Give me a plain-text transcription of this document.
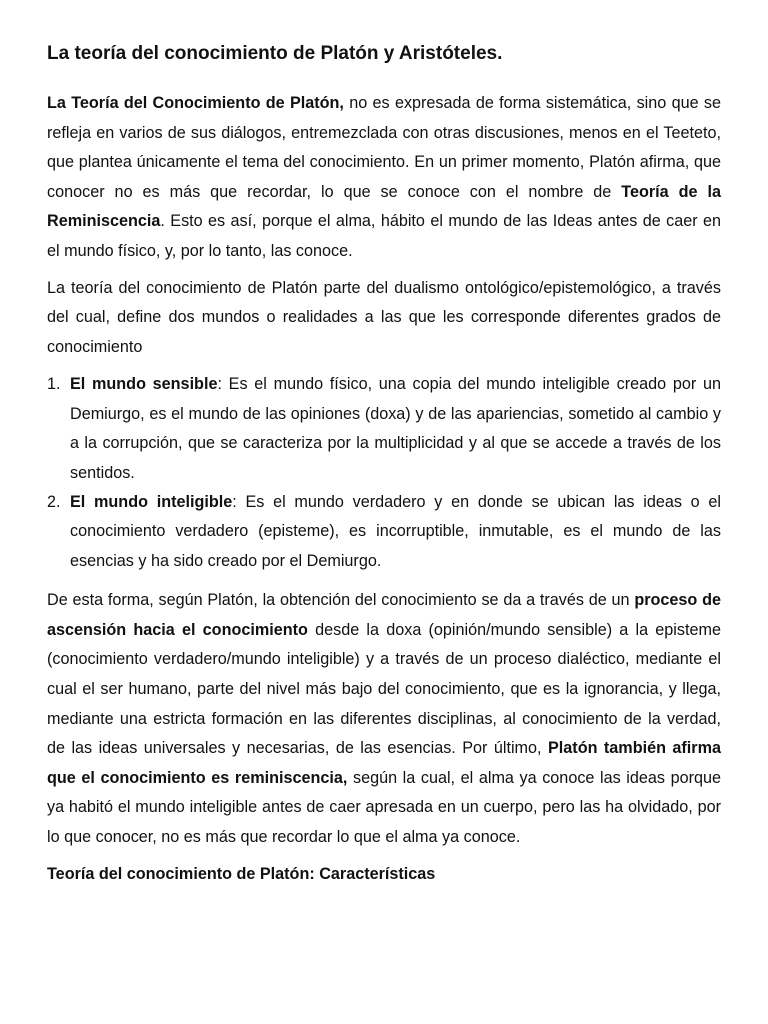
La teoría del conocimiento de Platón y Aristóteles.

La Teoría del Conocimiento de Platón, no es expresada de forma sistemática, sino que se refleja en varios de sus diálogos, entremezclada con otras discusiones, menos en el Teeteto, que plantea únicamente el tema del conocimiento. En un primer momento, Platón afirma, que conocer no es más que recordar, lo que se conoce con el nombre de Teoría de la Reminiscencia. Esto es así, porque el alma, hábito el mundo de las Ideas antes de caer en el mundo físico, y, por lo tanto, las conoce.

La teoría del conocimiento de Platón parte del dualismo ontológico/epistemológico, a través del cual, define dos mundos o realidades a las que les corresponde diferentes grados de conocimiento

1. El mundo sensible: Es el mundo físico, una copia del mundo inteligible creado por un Demiurgo, es el mundo de las opiniones (doxa) y de las apariencias, sometido al cambio y a la corrupción, que se caracteriza por la multiplicidad y al que se accede a través de los sentidos.
2. El mundo inteligible: Es el mundo verdadero y en donde se ubican las ideas o el conocimiento verdadero (episteme), es incorruptible, inmutable, es el mundo de las esencias y ha sido creado por el Demiurgo.

De esta forma, según Platón, la obtención del conocimiento se da a través de un proceso de ascensión hacia el conocimiento desde la doxa (opinión/mundo sensible) a la episteme (conocimiento verdadero/mundo inteligible) y a través de un proceso dialéctico, mediante el cual el ser humano, parte del nivel más bajo del conocimiento, que es la ignorancia, y llega, mediante una estricta formación en las diferentes disciplinas, al conocimiento de la verdad, de las ideas universales y necesarias, de las esencias. Por último, Platón también afirma que el conocimiento es reminiscencia, según la cual, el alma ya conoce las ideas porque ya habitó el mundo inteligible antes de caer apresada en un cuerpo, pero las ha olvidado, por lo que conocer, no es más que recordar lo que el alma ya conoce.

Teoría del conocimiento de Platón: Características
